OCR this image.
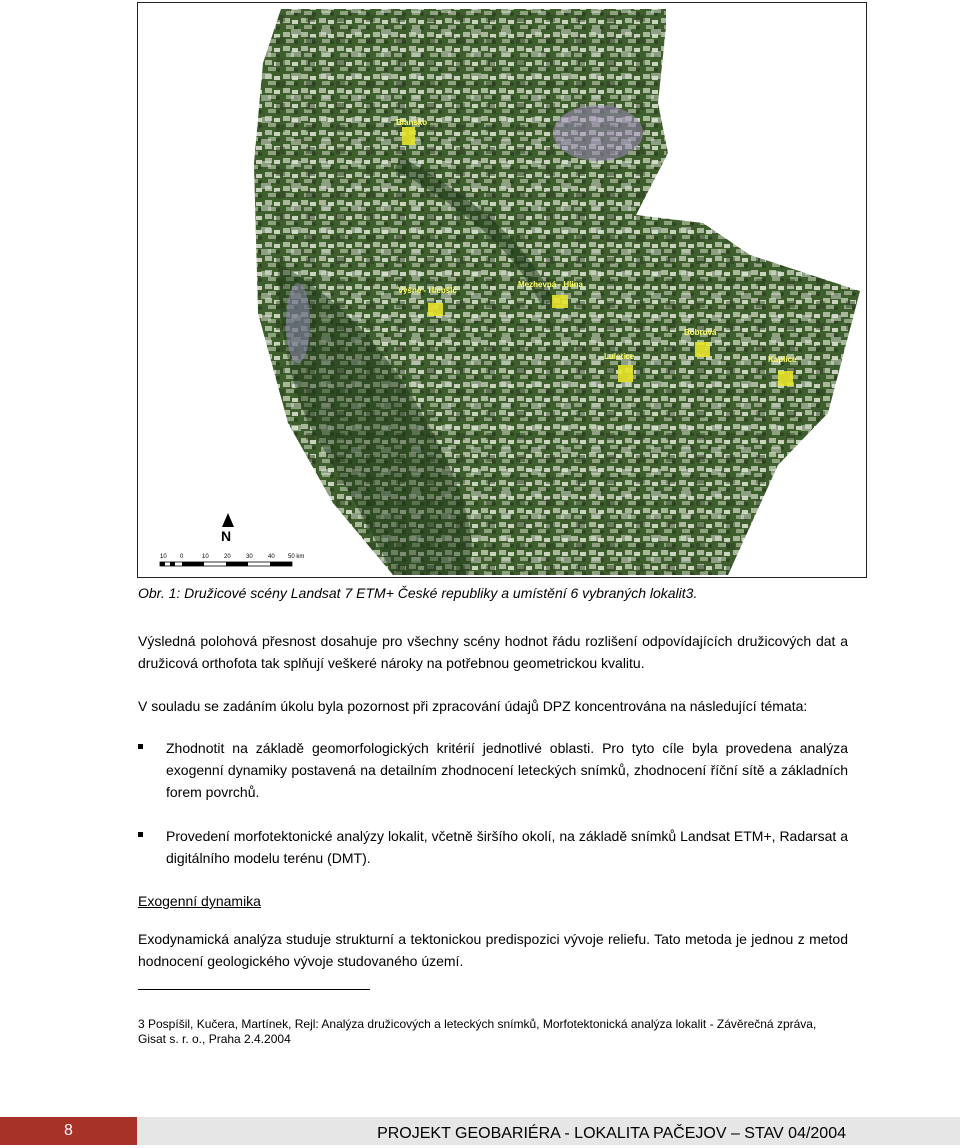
Blansko
Vyšné - Hlebšič
Mezhevná - Hlina
Bobrová
Kaplice
Luletice
N
10 0	10	20	30	40 50 km
Obr. 1: Družicové scény Landsat 7 ETM+ České republiky a umístění 6 vybraných lokalit3.
Výsledná polohová přesnost dosahuje pro všechny scény hodnot řádu rozlišení odpovídajících družicových dat a družicová orthofota tak splňují veškeré nároky na potřebnou geometrickou kvalitu.
V souladu se zadáním úkolu byla pozornost při zpracování údajů DPZ koncentrována na následující témata:
Zhodnotit na základě geomorfologických kritérií jednotlivé oblasti. Pro tyto cíle byla provedena analýza exogenní dynamiky postavená na detailním zhodnocení leteckých snímků, zhodnocení říční sítě a základních forem povrchů.
Provedení morfotektonické analýzy lokalit, včetně širšího okolí, na základě snímků Landsat ETM+, Radarsat a digitálního modelu terénu (DMT).
Exogenní dynamika
Exodynamická analýza studuje strukturní a tektonickou predispozici vývoje reliefu. Tato metoda je jednou z metod hodnocení geologického vývoje studovaného území.
3 Pospíšil, Kučera, Martínek, Rejl: Analýza družicových a leteckých snímků, Morfotektonická analýza lokalit - Závěrečná zpráva, Gisat s. r. o., Praha 2.4.2004
8	PROJEKT GEOBARIÉRA - LOKALITA PAČEJOV – STAV 04/2004
